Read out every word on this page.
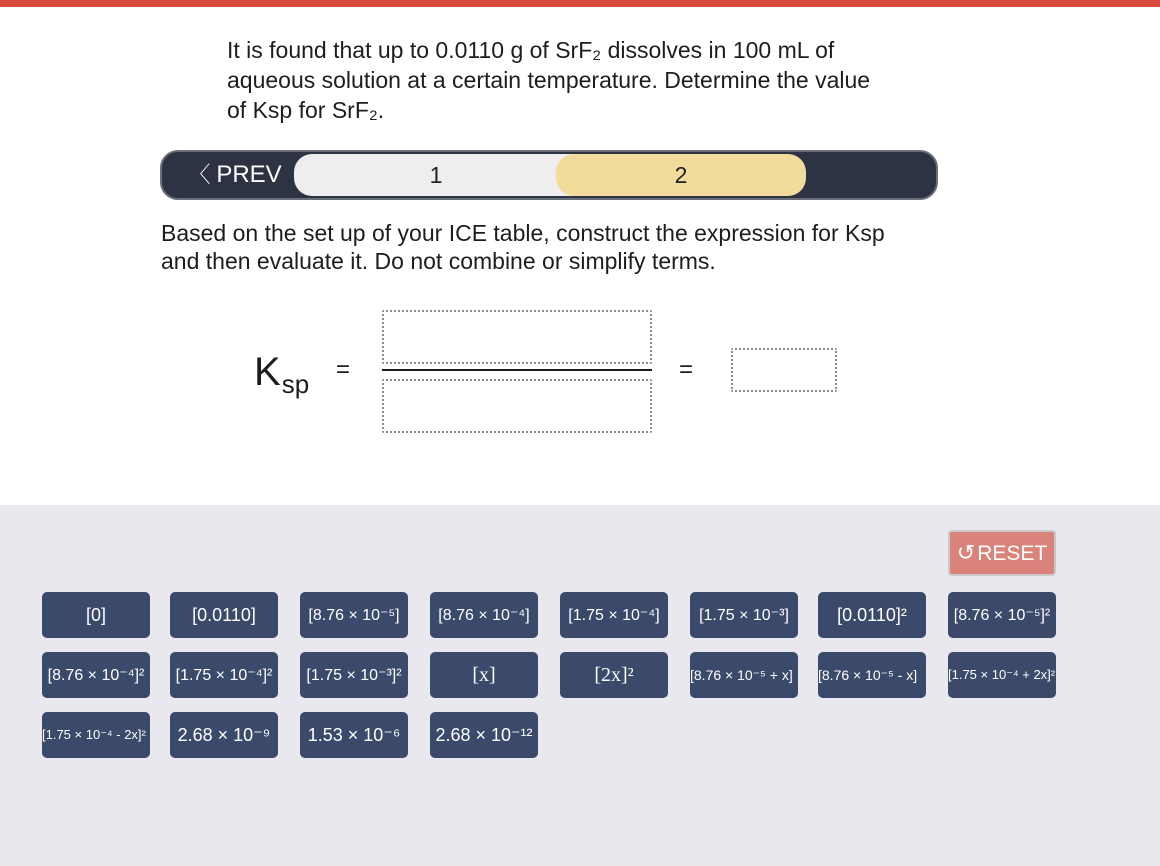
It is found that up to 0.0110 g of SrF₂ dissolves in 100 mL of aqueous solution at a certain temperature. Determine the value of Ksp for SrF₂.

1	2
〈 PREV

Based on the set up of your ICE table, construct the expression for Ksp and then evaluate it. Do not combine or simplify terms.

$K_{sp}$ =	=
↺RESET
[0]	[0.0110]	[8.76 × 10⁻⁵]	[8.76 × 10⁻⁴]	[1.75 × 10⁻⁴]	[1.75 × 10⁻³]	[0.0110]²	[8.76 × 10⁻⁵]²
[8.76 × 10⁻⁴]²	[1.75 × 10⁻⁴]²	[1.75 × 10⁻³]²	[x]	[2x]²	[8.76 × 10⁻⁵ + x]	[8.76 × 10⁻⁵ - x]	[1.75 × 10⁻⁴ + 2x]²
[1.75 × 10⁻⁴ - 2x]²	2.68 × 10⁻⁹	1.53 × 10⁻⁶	2.68 × 10⁻¹²
